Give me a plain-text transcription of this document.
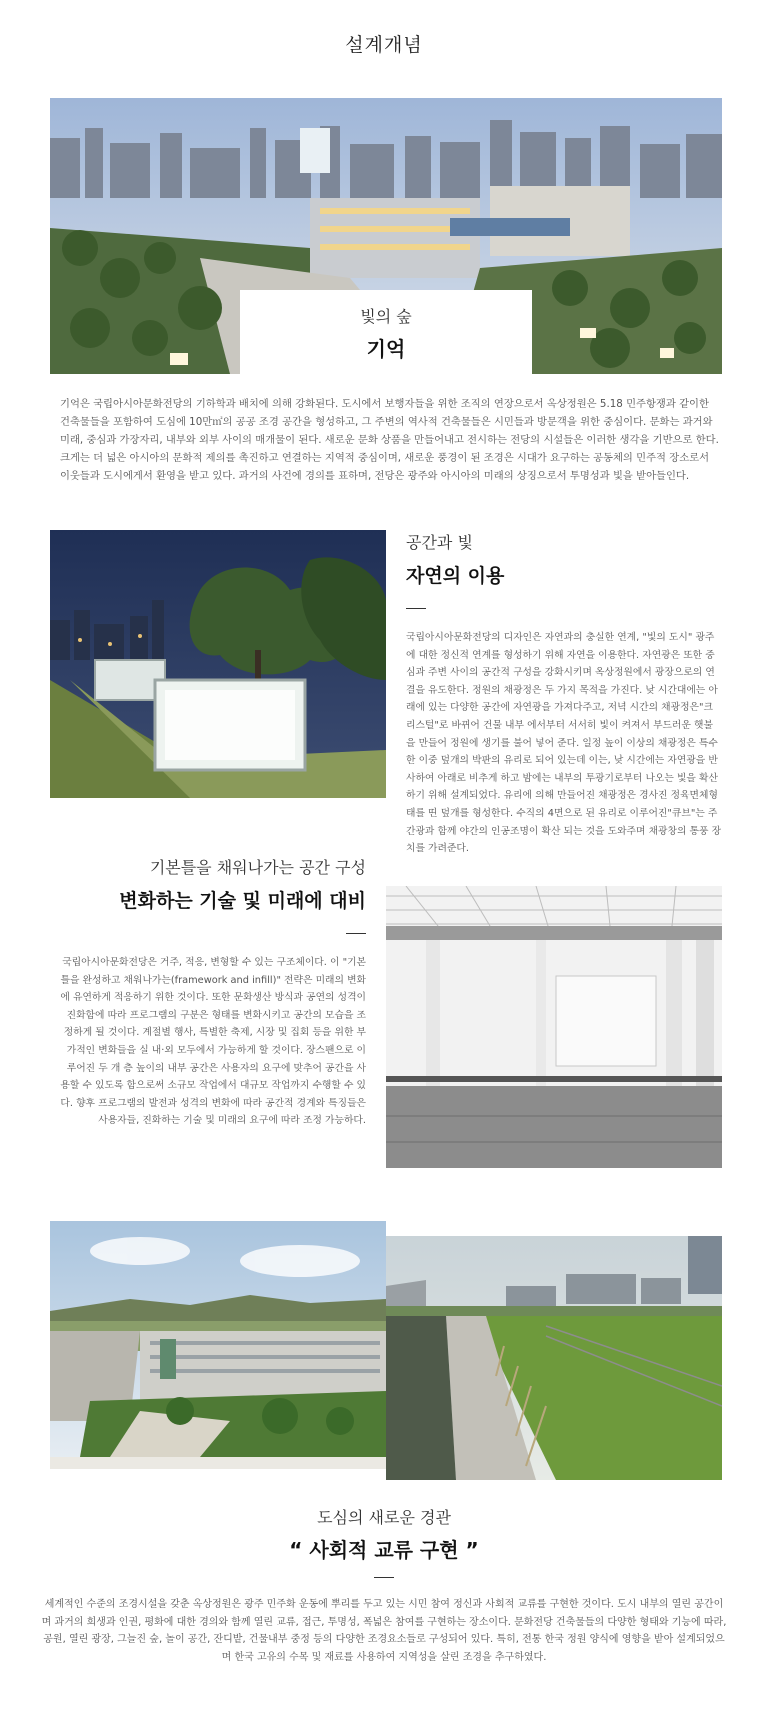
설계개념
빛의 숲
기억
기억은 국립아시아문화전당의 기하학과 배치에 의해 강화된다. 도시에서 보행자들을 위한 조직의 연장으로서 옥상정원은 5.18 민주항쟁과 같이한 건축물들을 포함하여 도심에 10만㎡의 공공 조경 공간을 형성하고, 그 주변의 역사적 건축물들은 시민들과 방문객을 위한 중심이다. 문화는 과거와 미래, 중심과 가장자리, 내부와 외부 사이의 매개물이 된다. 새로운 문화 상품을 만들어내고 전시하는 전당의 시설들은 이러한 생각을 기반으로 한다. 크게는 더 넓은 아시아의 문화적 제의를 촉진하고 연결하는 지역적 중심이며, 새로운 풍경이 된 조경은 시대가 요구하는 공동체의 민주적 장소로서 이웃들과 도시에게서 환영을 받고 있다. 과거의 사건에 경의를 표하며, 전당은 광주와 아시아의 미래의 상징으로서 투명성과 빛을 받아들인다.
공간과 빛
자연의 이용
국립아시아문화전당의 디자인은 자연과의 충실한 연계, "빛의 도시" 광주에 대한 정신적 연계를 형성하기 위해 자연을 이용한다. 자연광은 또한 중심과 주변 사이의 공간적 구성을 강화시키며 옥상정원에서 광장으로의 연결을 유도한다. 정원의 채광정은 두 가지 목적을 가진다. 낮 시간대에는 아래에 있는 다양한 공간에 자연광을 가져다주고, 저녁 시간의 채광정은"크리스털"로 바뀌어 건물 내부 에서부터 서서히 빛이 켜져서 부드러운 햇불을 만들어 정원에 생기를 불어 넣어 준다. 일정 높이 이상의 채광정은 특수한 이중 덮개의 박판의 유리로 되어 있는데 이는, 낮 시간에는 자연광을 반사하여 아래로 비추게 하고 밤에는 내부의 투광기로부터 나오는 빛을 확산하기 위해 설계되었다. 유리에 의해 만들어진 채광정은 경사진 정육면체형태를 띤 덮개를 형성한다. 수직의 4면으로 된 유리로 이루어진"큐브"는 주간광과 함께 야간의 인공조명이 확산 되는 것을 도와주며 채광창의 통풍 장치를 가려준다.
기본틀을 채워나가는 공간 구성
변화하는 기술 및 미래에 대비
국립아시아문화전당은 거주, 적응, 변형할 수 있는 구조체이다. 이 "기본틀을 완성하고 채워나가는(framework and infill)" 전략은 미래의 변화에 유연하게 적응하기 위한 것이다. 또한 문화생산 방식과 공연의 성격이 진화함에 따라 프로그램의 구분은 형태를 변화시키고 공간의 모습을 조정하게 될 것이다. 계절별 행사, 특별한 축제, 시장 및 집회 등을 위한 부가적인 변화들을 실 내·외 모두에서 가능하게 할 것이다. 장스팬으로 이루어진 두 개 층 높이의 내부 공간은 사용자의 요구에 맞추어 공간을 사용할 수 있도록 함으로써 소규모 작업에서 대규모 작업까지 수행할 수 있다. 향후 프로그램의 발전과 성격의 변화에 따라 공간적 경계와 특징들은 사용자들, 진화하는 기술 및 미래의 요구에 따라 조정 가능하다.
도심의 새로운 경관
“ 사회적 교류 구현 ”
세계적인 수준의 조경시설을 갖춘 옥상정원은 광주 민주화 운동에 뿌리를 두고 있는 시민 참여 정신과 사회적 교류를 구현한 것이다. 도시 내부의 열린 공간이며 과거의 희생과 인권, 평화에 대한 경의와 함께 열린 교류, 접근, 투명성, 폭넓은 참여를 구현하는 장소이다. 문화전당 건축물들의 다양한 형태와 기능에 따라, 공원, 열린 광장, 그늘진 숲, 놀이 공간, 잔디밭, 건물내부 중정 등의 다양한 조경요소들로 구성되어 있다. 특히, 전통 한국 정원 양식에 영향을 받아 설계되었으며 한국 고유의 수목 및 재료를 사용하여 지역성을 살린 조경을 추구하였다.
